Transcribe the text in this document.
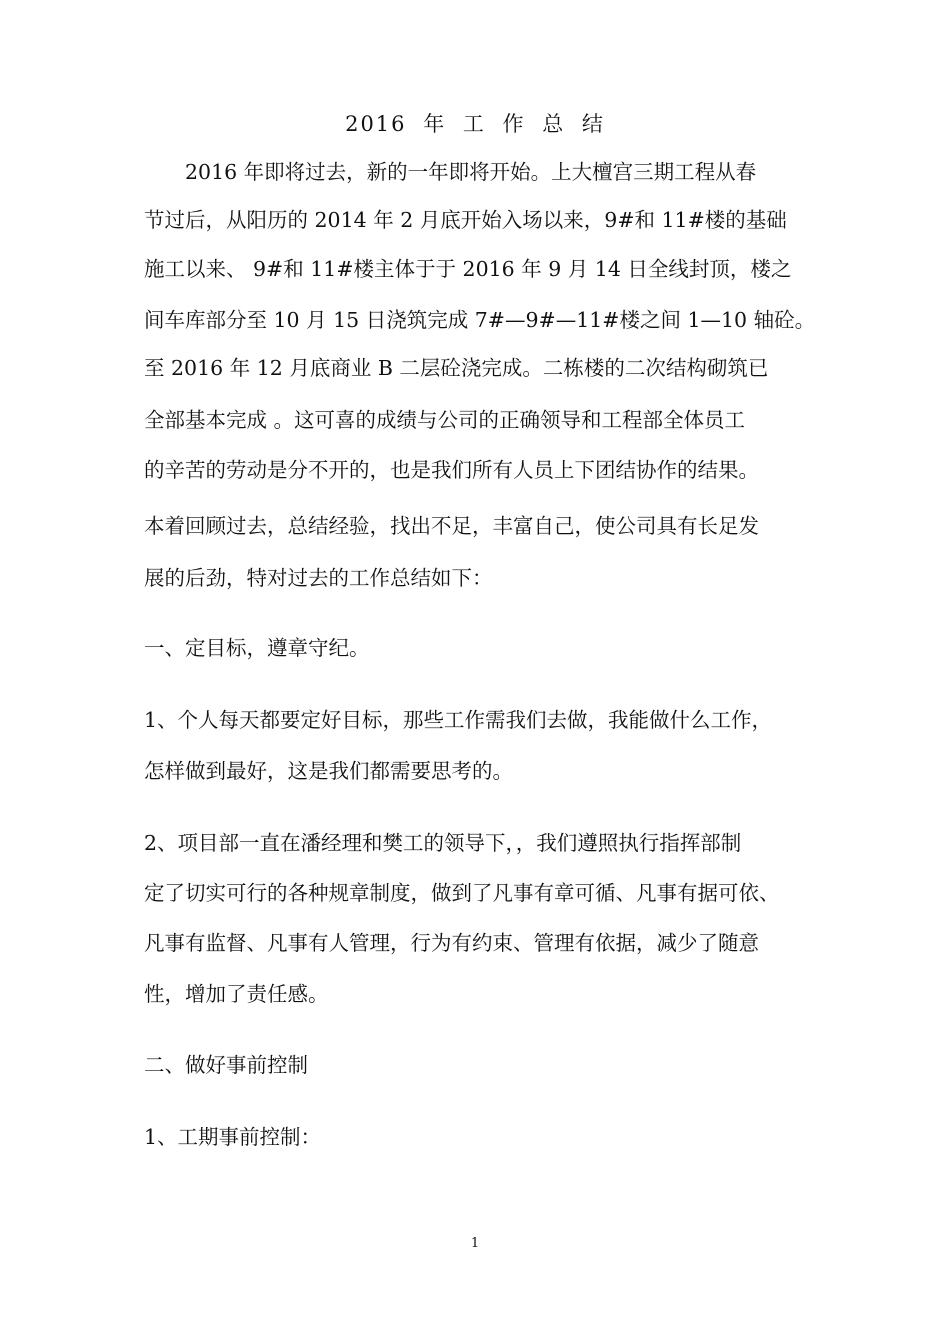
2016 年 工 作 总 结
　　2016 年即将过去，新的一年即将开始。上大檀宫三期工程从春
节过后，从阳历的 2014 年 2 月底开始入场以来，9#和 11#楼的基础
施工以来、 9#和 11#楼主体于于 2016 年 9 月 14 日全线封顶，楼之
间车库部分至 10 月 15 日浇筑完成 7#—9#—11#楼之间 1—10 轴砼。
至 2016 年 12 月底商业 B 二层砼浇完成。二栋楼的二次结构砌筑已
全部基本完成 。这可喜的成绩与公司的正确领导和工程部全体员工
的辛苦的劳动是分不开的，也是我们所有人员上下团结协作的结果。
本着回顾过去，总结经验，找出不足，丰富自己，使公司具有长足发
展的后劲，特对过去的工作总结如下：
一、定目标，遵章守纪。
1、个人每天都要定好目标，那些工作需我们去做，我能做什么工作，
怎样做到最好，这是我们都需要思考的。
2、项目部一直在潘经理和樊工的领导下，，我们遵照执行指挥部制
定了切实可行的各种规章制度，做到了凡事有章可循、凡事有据可依、
凡事有监督、凡事有人管理，行为有约束、管理有依据，减少了随意
性，增加了责任感。
二、做好事前控制
1、工期事前控制：
1
